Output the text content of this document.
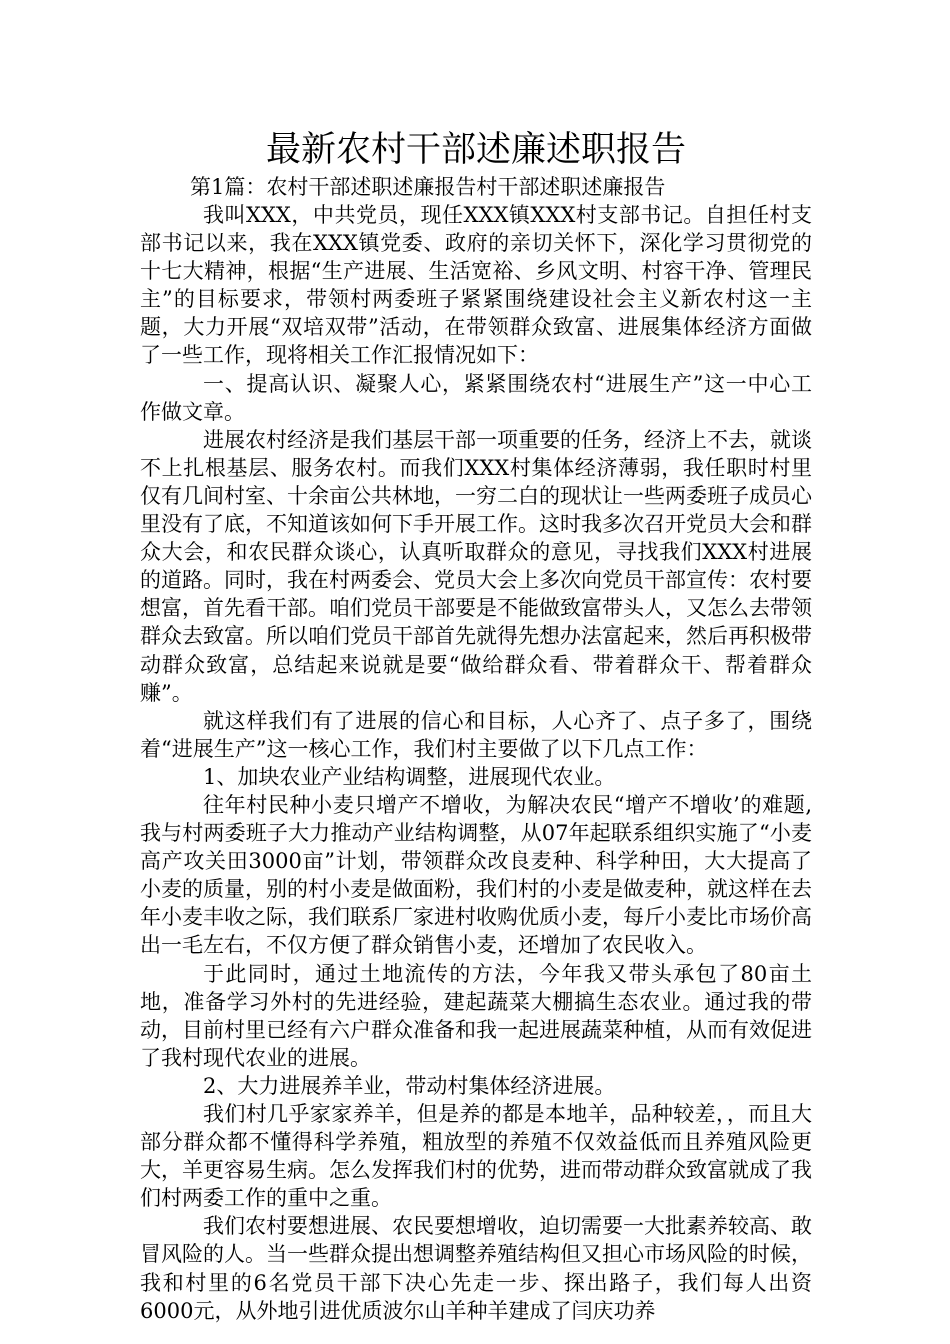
最新农村干部述廉述职报告

第1篇：农村干部述职述廉报告村干部述职述廉报告

我叫XXX，中共党员，现任XXX镇XXX村支部书记。自担任村支部书记以来，我在XXX镇党委、政府的亲切关怀下，深化学习贯彻党的十七大精神，根据“生产进展、生活宽裕、乡风文明、村容干净、管理民主”的目标要求，带领村两委班子紧紧围绕建设社会主义新农村这一主题，大力开展“双培双带”活动，在带领群众致富、进展集体经济方面做了一些工作，现将相关工作汇报情况如下：

一、提高认识、凝聚人心，紧紧围绕农村“进展生产”这一中心工作做文章。

进展农村经济是我们基层干部一项重要的任务，经济上不去，就谈不上扎根基层、服务农村。而我们XXX村集体经济薄弱，我任职时村里仅有几间村室、十余亩公共林地，一穷二白的现状让一些两委班子成员心里没有了底，不知道该如何下手开展工作。这时我多次召开党员大会和群众大会，和农民群众谈心，认真听取群众的意见，寻找我们XXX村进展的道路。同时，我在村两委会、党员大会上多次向党员干部宣传：农村要想富，首先看干部。咱们党员干部要是不能做致富带头人，又怎么去带领群众去致富。所以咱们党员干部首先就得先想办法富起来，然后再积极带动群众致富，总结起来说就是要“做给群众看、带着群众干、帮着群众赚”。

就这样我们有了进展的信心和目标，人心齐了、点子多了，围绕着“进展生产”这一核心工作，我们村主要做了以下几点工作：

1、加块农业产业结构调整，进展现代农业。

往年村民种小麦只增产不增收，为解决农民“增产不增收’的难题,我与村两委班子大力推动产业结构调整，从07年起联系组织实施了“小麦高产攻关田3000亩”计划，带领群众改良麦种、科学种田，大大提高了小麦的质量，别的村小麦是做面粉，我们村的小麦是做麦种，就这样在去年小麦丰收之际，我们联系厂家进村收购优质小麦，每斤小麦比市场价高出一毛左右，不仅方便了群众销售小麦，还增加了农民收入。

于此同时，通过土地流传的方法，今年我又带头承包了80亩土地，准备学习外村的先进经验，建起蔬菜大棚搞生态农业。通过我的带动，目前村里已经有六户群众准备和我一起进展蔬菜种植，从而有效促进了我村现代农业的进展。

2、大力进展养羊业，带动村集体经济进展。

我们村几乎家家养羊，但是养的都是本地羊，品种较差，，而且大部分群众都不懂得科学养殖，粗放型的养殖不仅效益低而且养殖风险更大，羊更容易生病。怎么发挥我们村的优势，进而带动群众致富就成了我们村两委工作的重中之重。

我们农村要想进展、农民要想增收，迫切需要一大批素养较高、敢冒风险的人。当一些群众提出想调整养殖结构但又担心市场风险的时候，我和村里的6名党员干部下决心先走一步、探出路子，我们每人出资6000元，从外地引进优质波尔山羊种羊建成了闫庆功养
